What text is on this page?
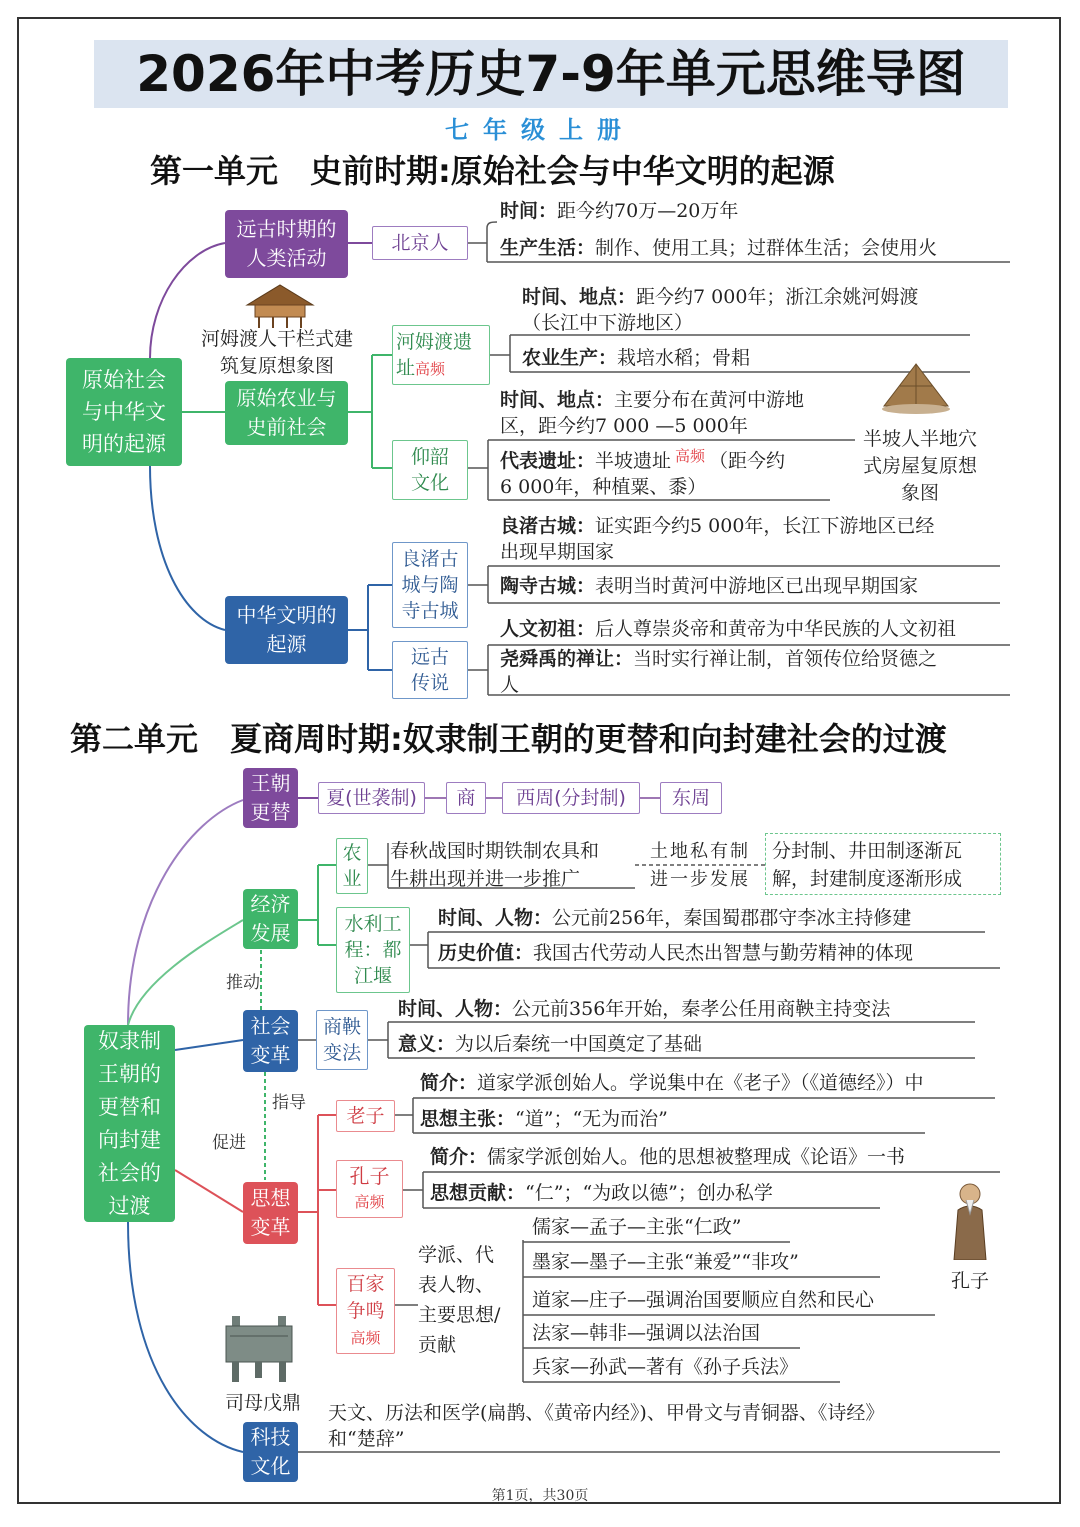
2026年中考历史7-9年单元思维导图
七年级上册
第一单元　史前时期:原始社会与中华文明的起源
原始社会与中华文明的起源
远古时期的人类活动
北京人
时间：距今约70万—20万年
生产生活：制作、使用工具；过群体生活；会使用火
河姆渡人干栏式建筑复原想象图
原始农业与史前社会
河姆渡遗址高频
时间、地点：距今约7 000年；浙江余姚河姆渡
（长江中下游地区）
农业生产：栽培水稻；骨耜
仰韶文化
时间、地点：主要分布在黄河中游地
区，距今约7 000 —5 000年
代表遗址：半坡遗址 $^{高频}$ （距今约
6 000年，种植粟、黍）
半坡人半地穴式房屋复原想象图
中华文明的起源
良渚古城与陶寺古城
良渚古城：证实距今约5 000年，长江下游地区已经
出现早期国家
陶寺古城：表明当时黄河中游地区已出现早期国家
远古传说
人文初祖：后人尊崇炎帝和黄帝为中华民族的人文初祖
尧舜禹的禅让：当时实行禅让制，首领传位给贤德之
人
第二单元　夏商周时期:奴隶制王朝的更替和向封建社会的过渡
奴隶制王朝的更替和向封建社会的过渡
王朝更替
夏(世袭制) 商 西周(分封制) 东周
经济发展
农业
春秋战国时期铁制农具和
牛耕出现并进一步推广
土地私有制
进一步发展
分封制、井田制逐渐瓦
解，封建制度逐渐形成
水利工程：都江堰
时间、人物：公元前256年，秦国蜀郡郡守李冰主持修建
历史价值：我国古代劳动人民杰出智慧与勤劳精神的体现
推动
社会变革
商鞅变法
时间、人物：公元前356年开始，秦孝公任用商鞅主持变法
意义：为以后秦统一中国奠定了基础
指导
促进
思想变革
老子
简介：道家学派创始人。学说集中在《老子》（《道德经》）中
思想主张：“道”；“无为而治”
孔子
高频
简介：儒家学派创始人。他的思想被整理成《论语》一书
思想贡献：“仁”；“为政以德”；创办私学
孔子
百家争鸣
高频
学派、代表人物、主要思想/贡献
儒家—孟子—主张“仁政”
墨家—墨子—主张“兼爱”“非攻”
道家—庄子—强调治国要顺应自然和民心
法家—韩非—强调以法治国
兵家—孙武—著有《孙子兵法》
司母戊鼎
科技文化
天文、历法和医学(扁鹊、《黄帝内经》)、甲骨文与青铜器、《诗经》
和“楚辞”
第1页，共30页
